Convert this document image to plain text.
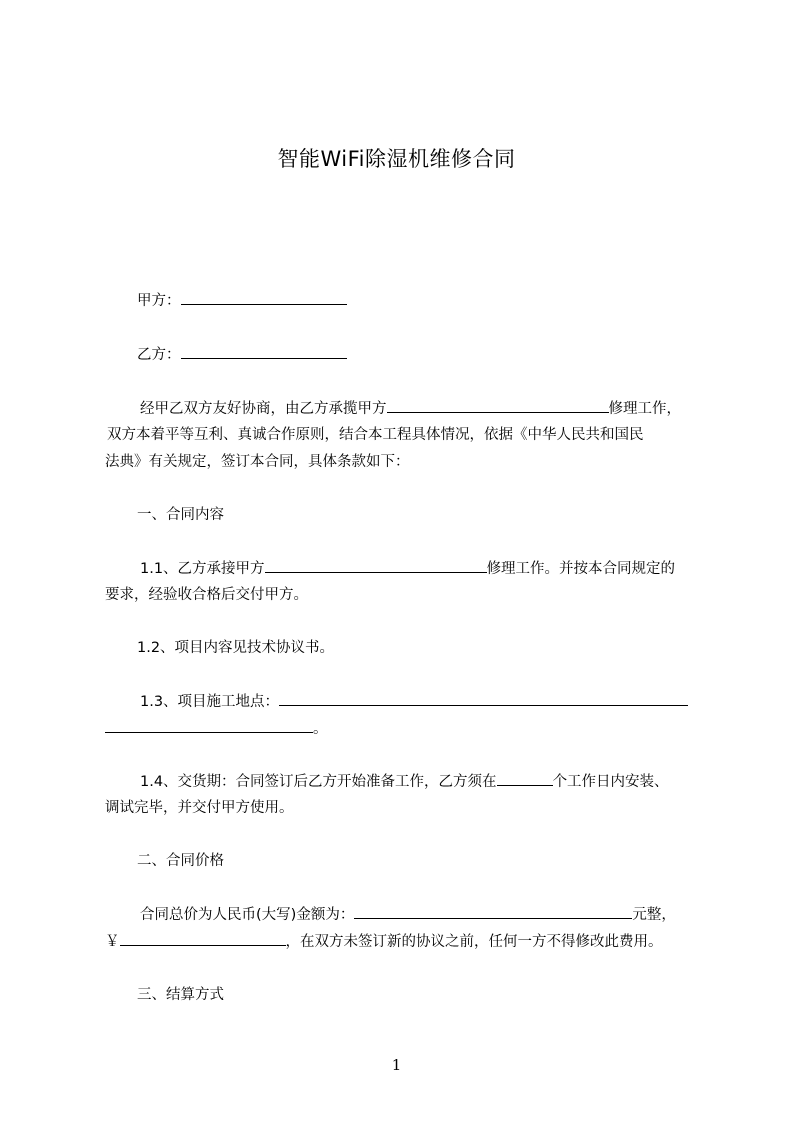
智能WiFi除湿机维修合同
甲方：
乙方：
经甲乙双方友好协商，由乙方承揽甲方	修理工作，
双方本着平等互利、真诚合作原则，结合本工程具体情况，依据《中华人民共和国民
法典》有关规定，签订本合同，具体条款如下：
一、合同内容
1.1、乙方承接甲方	修理工作。并按本合同规定的
要求，经验收合格后交付甲方。
1.2、项目内容见技术协议书。
1.3、项目施工地点：
。
1.4、交货期：合同签订后乙方开始准备工作，乙方须在	个工作日内安装、
调试完毕，并交付甲方使用。
二、合同价格
合同总价为人民币(大写)金额为：	元整，
￥	，在双方未签订新的协议之前，任何一方不得修改此费用。
三、结算方式
1
